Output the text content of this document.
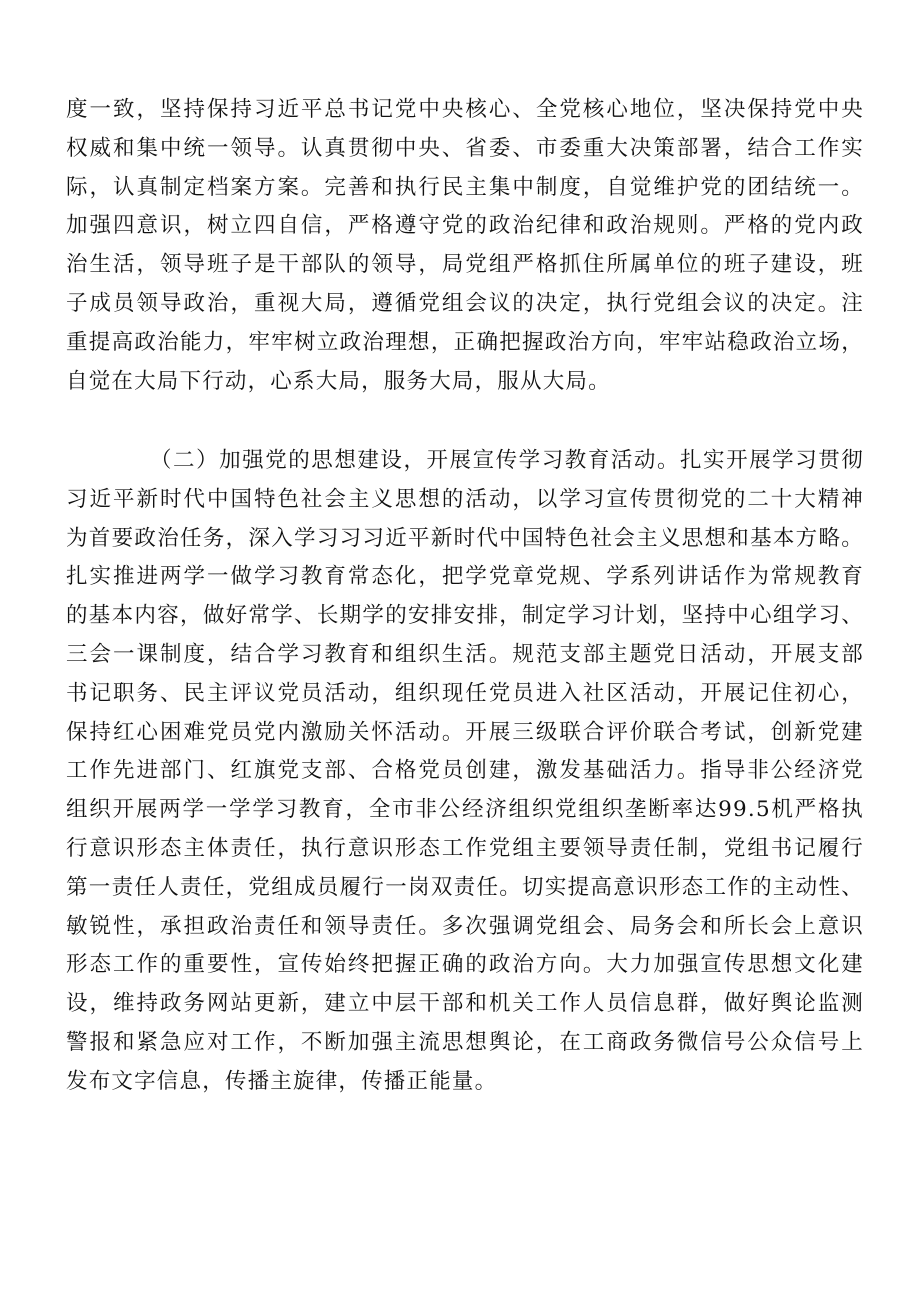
度一致，坚持保持习近平总书记党中央核心、全党核心地位，坚决保持党中央
权威和集中统一领导。认真贯彻中央、省委、市委重大决策部署，结合工作实
际，认真制定档案方案。完善和执行民主集中制度，自觉维护党的团结统一。
加强四意识，树立四自信，严格遵守党的政治纪律和政治规则。严格的党内政
治生活，领导班子是干部队的领导，局党组严格抓住所属单位的班子建设，班
子成员领导政治，重视大局，遵循党组会议的决定，执行党组会议的决定。注
重提高政治能力，牢牢树立政治理想，正确把握政治方向，牢牢站稳政治立场，
自觉在大局下行动，心系大局，服务大局，服从大局。
（二）加强党的思想建设，开展宣传学习教育活动。扎实开展学习贯彻
习近平新时代中国特色社会主义思想的活动，以学习宣传贯彻党的二十大精神
为首要政治任务，深入学习习习近平新时代中国特色社会主义思想和基本方略。
扎实推进两学一做学习教育常态化，把学党章党规、学系列讲话作为常规教育
的基本内容，做好常学、长期学的安排安排，制定学习计划，坚持中心组学习、
三会一课制度，结合学习教育和组织生活。规范支部主题党日活动，开展支部
书记职务、民主评议党员活动，组织现任党员进入社区活动，开展记住初心，
保持红心困难党员党内激励关怀活动。开展三级联合评价联合考试，创新党建
工作先进部门、红旗党支部、合格党员创建，激发基础活力。指导非公经济党
组织开展两学一学学习教育，全市非公经济组织党组织垄断率达99.5机严格执
行意识形态主体责任，执行意识形态工作党组主要领导责任制，党组书记履行
第一责任人责任，党组成员履行一岗双责任。切实提高意识形态工作的主动性、
敏锐性，承担政治责任和领导责任。多次强调党组会、局务会和所长会上意识
形态工作的重要性，宣传始终把握正确的政治方向。大力加强宣传思想文化建
设，维持政务网站更新，建立中层干部和机关工作人员信息群，做好舆论监测
警报和紧急应对工作，不断加强主流思想舆论，在工商政务微信号公众信号上
发布文字信息，传播主旋律，传播正能量。
